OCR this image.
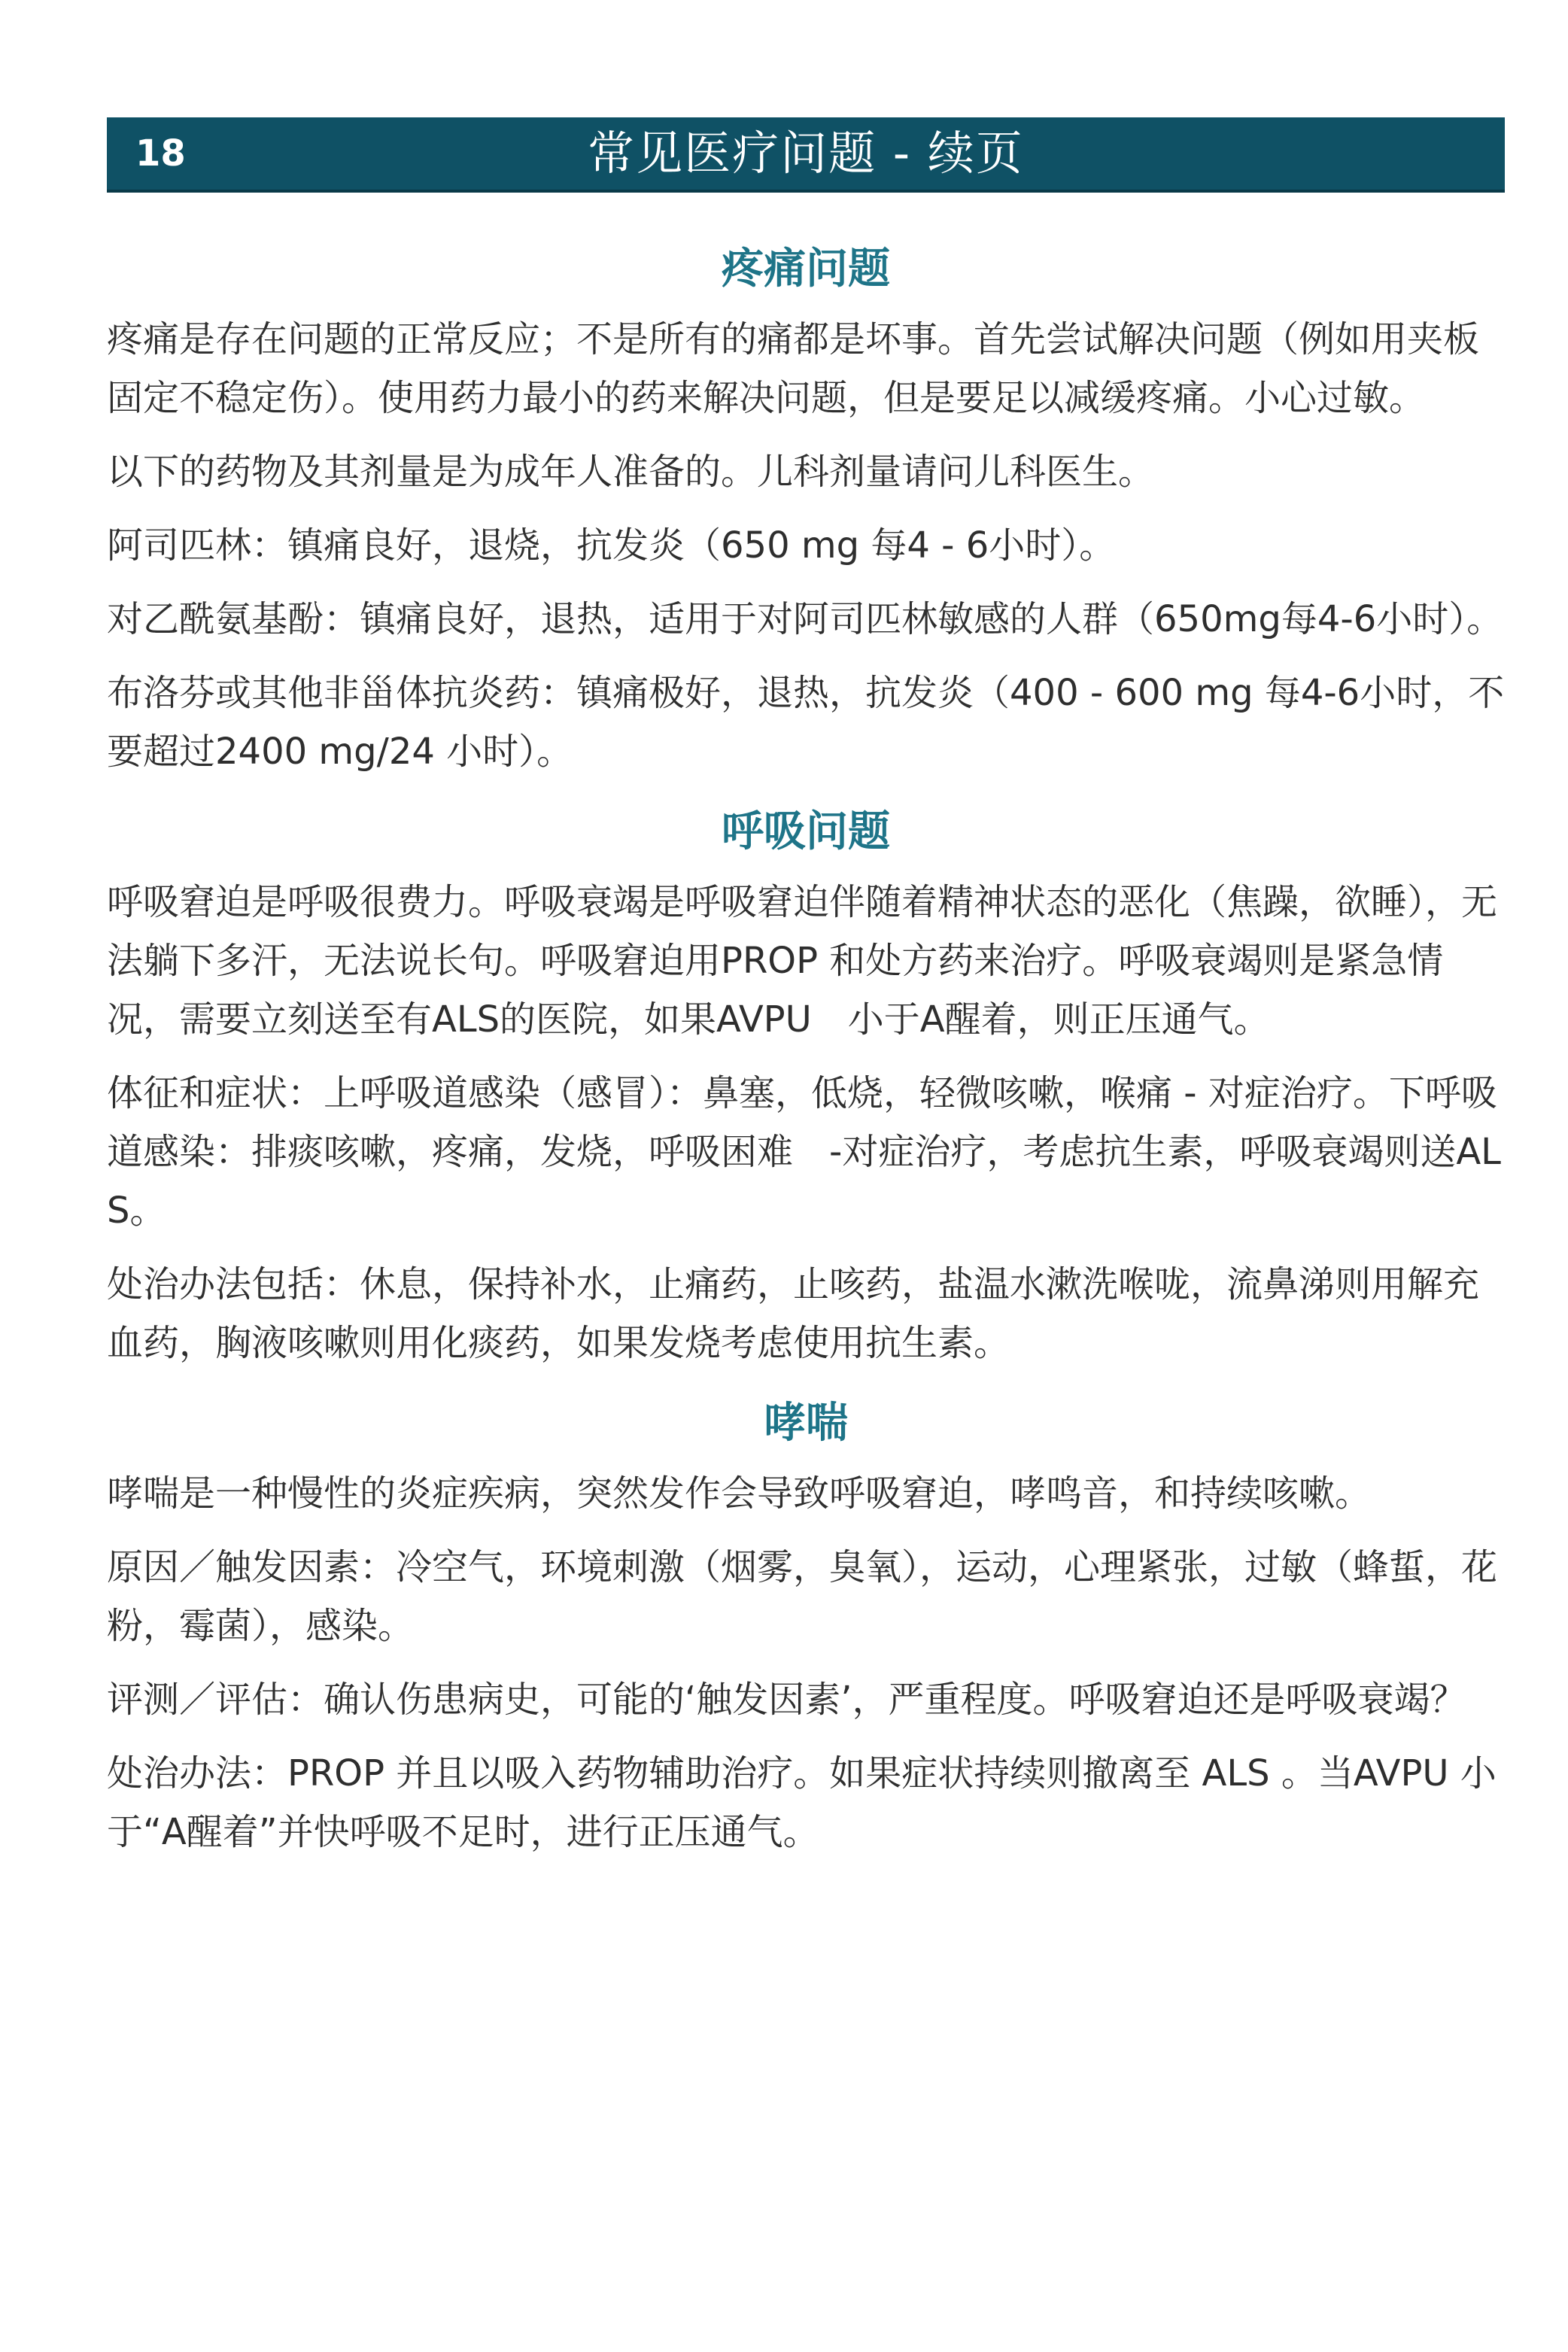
18	常见医疗问题 - 续页
疼痛问题

疼痛是存在问题的正常反应；不是所有的痛都是坏事。首先尝试解决问题（例如用夹板固定不稳定伤）。使用药力最小的药来解决问题，但是要足以减缓疼痛。小心过敏。

以下的药物及其剂量是为成年人准备的。儿科剂量请问儿科医生。

阿司匹林：镇痛良好，退烧，抗发炎（650 mg 每4 - 6小时）。

对乙酰氨基酚：镇痛良好，退热，适用于对阿司匹林敏感的人群（650mg每4-6小时）。

布洛芬或其他非甾体抗炎药：镇痛极好，退热，抗发炎（400 - 600 mg 每4-6小时，不要超过2400 mg/24 小时）。

呼吸问题

呼吸窘迫是呼吸很费力。呼吸衰竭是呼吸窘迫伴随着精神状态的恶化（焦躁，欲睡），无法躺下多汗，无法说长句。呼吸窘迫用PROP 和处方药来治疗。呼吸衰竭则是紧急情况，需要立刻送至有ALS的医院，如果AVPU　小于A醒着，则正压通气。

体征和症状：上呼吸道感染（感冒）：鼻塞，低烧，轻微咳嗽，喉痛 - 对症治疗。下呼吸道感染：排痰咳嗽，疼痛，发烧，呼吸困难　-对症治疗，考虑抗生素，呼吸衰竭则送ALS。

处治办法包括：休息，保持补水，止痛药，止咳药，盐温水漱洗喉咙，流鼻涕则用解充血药，胸液咳嗽则用化痰药，如果发烧考虑使用抗生素。

哮喘

哮喘是一种慢性的炎症疾病，突然发作会导致呼吸窘迫，哮鸣音，和持续咳嗽。

原因／触发因素：冷空气，环境刺激（烟雾，臭氧），运动，心理紧张，过敏（蜂蜇，花粉，霉菌），感染。

评测／评估：确认伤患病史，可能的‘触发因素’，严重程度。呼吸窘迫还是呼吸衰竭？

处治办法：PROP 并且以吸入药物辅助治疗。如果症状持续则撤离至 ALS 。当AVPU 小于“A醒着”并快呼吸不足时，进行正压通气。
